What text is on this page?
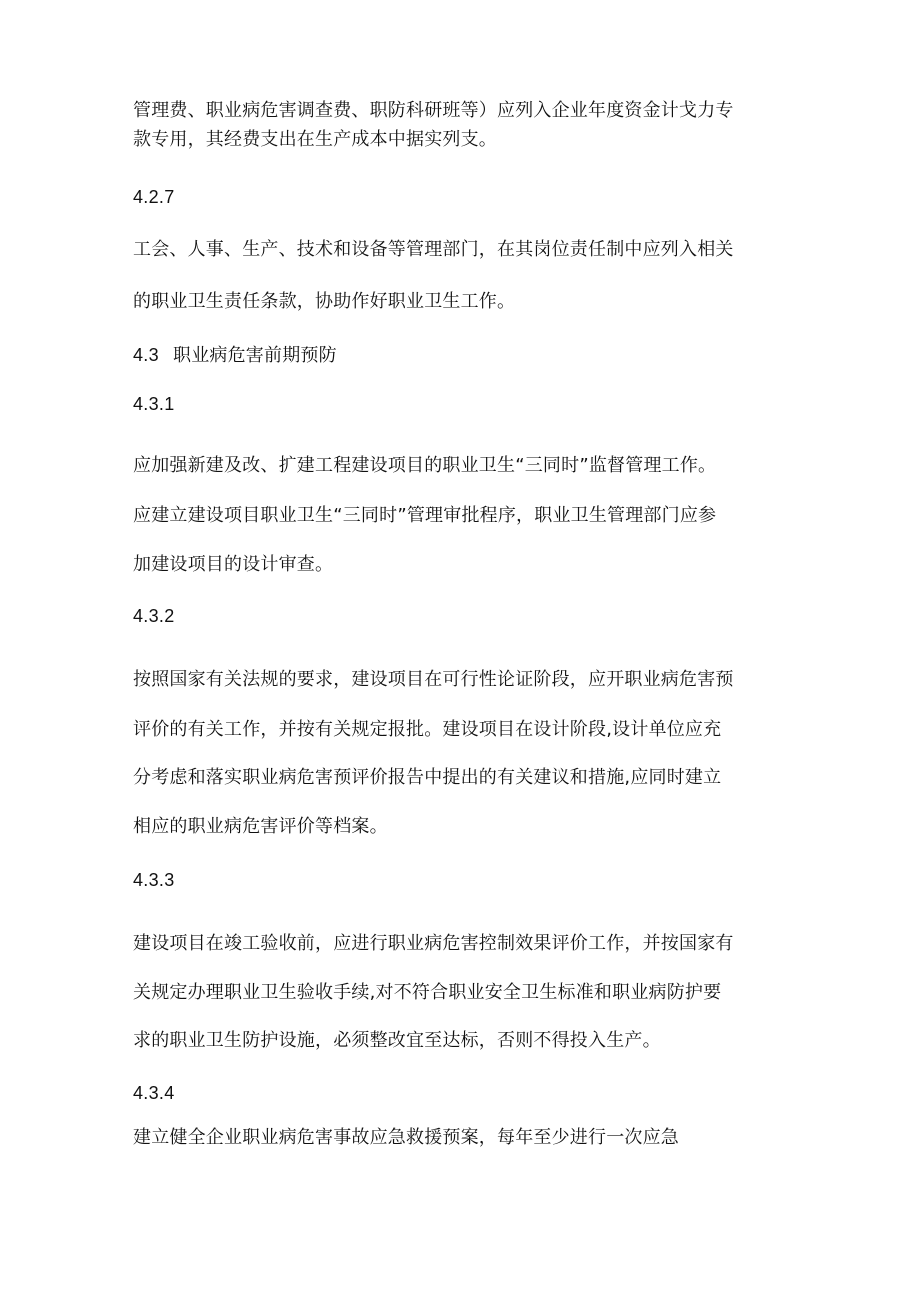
管理费、职业病危害调查费、职防科研班等）应列入企业年度资金计戈力专
款专用，其经费支出在生产成本中据实列支。
4.2.7
工会、人事、生产、技术和设备等管理部门，在其岗位责任制中应列入相关
的职业卫生责任条款，协助作好职业卫生工作。
4.3 职业病危害前期预防
4.3.1
应加强新建及改、扩建工程建设项目的职业卫生“三同时”监督管理工作。
应建立建设项目职业卫生“三同时”管理审批程序，职业卫生管理部门应参
加建设项目的设计审查。
4.3.2
按照国家有关法规的要求，建设项目在可行性论证阶段，应开职业病危害预
评价的有关工作，并按有关规定报批。建设项目在设计阶段,设计单位应充
分考虑和落实职业病危害预评价报告中提出的有关建议和措施,应同时建立
相应的职业病危害评价等档案。
4.3.3
建设项目在竣工验收前，应进行职业病危害控制效果评价工作，并按国家有
关规定办理职业卫生验收手续,对不符合职业安全卫生标准和职业病防护要
求的职业卫生防护设施，必须整改宜至达标，否则不得投入生产。
4.3.4
建立健全企业职业病危害事故应急救援预案，每年至少进行一次应急
